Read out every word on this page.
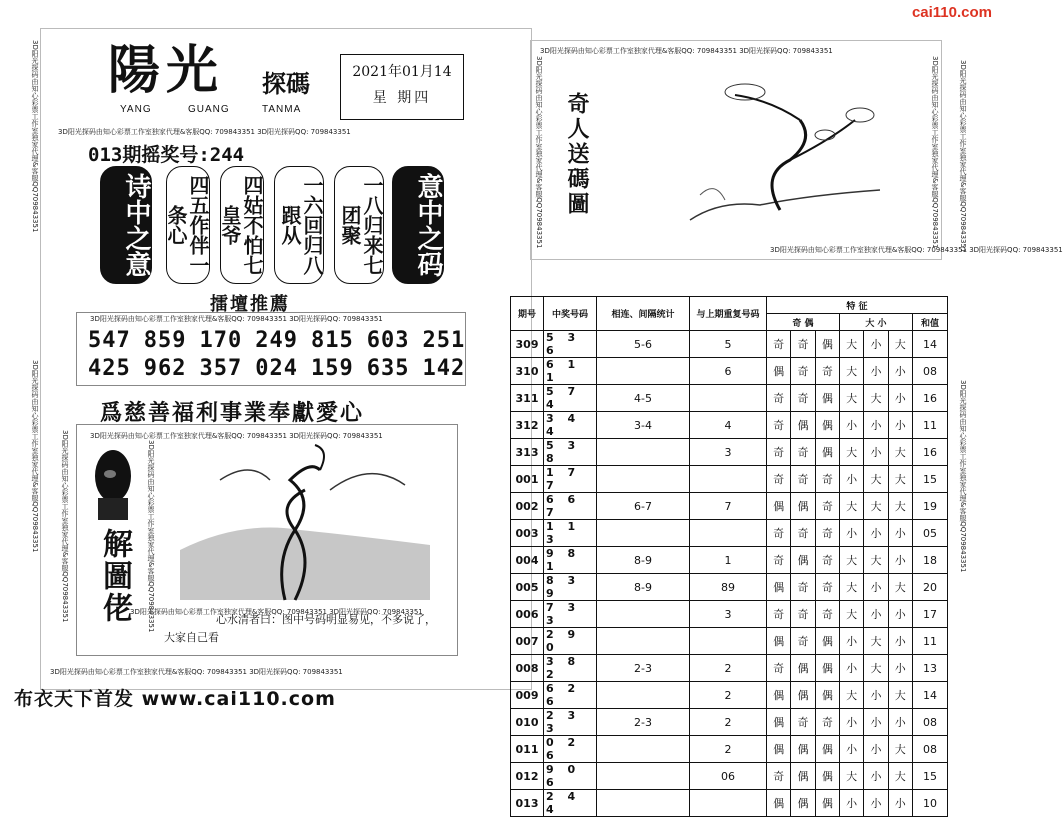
cai110.com
3D阳光探码由知心彩票工作室独家代理&客服QQ709843351
3D阳光探码由知心彩票工作室独家代理&客服QQ709843351
陽光 探碼
YANG	GUANG	TANMA
2021年01月14
星 期四
3D阳光探码由知心彩票工作室独家代理&客服QQ: 709843351 3D阳光探码QQ: 709843351
013期摇奖号:244
诗中之意	四五作伴一条心	四姑不怕七皇爷	一六回归八跟从	一八归来七团聚	意中之码
擂壇推薦
3D阳光探码由知心彩票工作室独家代理&客服QQ: 709843351 3D阳光探码QQ: 709843351
547 859 170 249 815 603 251
425 962 357 024 159 635 142
爲慈善福利事業奉獻愛心
3D阳光探码由知心彩票工作室独家代理&客服QQ: 709843351 3D阳光探码QQ: 709843351
3D阳光探码由知心彩票工作室独家代理&客服QQ709843351	3D阳光探码由知心彩票工作室独家代理&客服QQ709843351
解圖佬
3D阳光探码由知心彩票工作室独家代理&客服QQ: 709843351 3D阳光探码QQ: 709843351
心水清者曰：图中号码明显易见，不多说了，
大家自己看
3D阳光探码由知心彩票工作室独家代理&客服QQ: 709843351 3D阳光探码QQ: 709843351
布衣天下首发 www.cai110.com
3D阳光探码由知心彩票工作室独家代理&客服QQ: 709843351 3D阳光探码QQ: 709843351
3D阳光探码由知心彩票工作室独家代理&客服QQ709843351	3D阳光探码由知心彩票工作室独家代理&客服QQ709843351
奇人送碼圖
3D阳光探码由知心彩票工作室独家代理&客服QQ: 709843351 3D阳光探码QQ: 709843351
3D阳光探码由知心彩票工作室独家代理&客服QQ709843351
3D阳光探码由知心彩票工作室独家代理&客服QQ709843351
期号	中奖号码	相连、间隔统计	与上期重复号码	特 征						
				奇 偶			大 小			和值
309	5 3 6	5-6	5	奇	奇	偶	大	小	大	14
310	6 1 1		6	偶	奇	奇	大	小	小	08
311	5 7 4	4-5		奇	奇	偶	大	大	小	16
312	3 4 4	3-4	4	奇	偶	偶	小	小	小	11
313	5 3 8		3	奇	奇	偶	大	小	大	16
001	1 7 7			奇	奇	奇	小	大	大	15
002	6 6 7	6-7	7	偶	偶	奇	大	大	大	19
003	1 1 3			奇	奇	奇	小	小	小	05
004	9 8 1	8-9	1	奇	偶	奇	大	大	小	18
005	8 3 9	8-9	89	偶	奇	奇	大	小	大	20
006	7 3 3		3	奇	奇	奇	大	小	小	17
007	2 9 0			偶	奇	偶	小	大	小	11
008	3 8 2	2-3	2	奇	偶	偶	小	大	小	13
009	6 2 6		2	偶	偶	偶	大	小	大	14
010	2 3 3	2-3	2	偶	奇	奇	小	小	小	08
011	0 2 6		2	偶	偶	偶	小	小	大	08
012	9 0 6		06	奇	偶	偶	大	小	大	15
013	2 4 4			偶	偶	偶	小	小	小	10
